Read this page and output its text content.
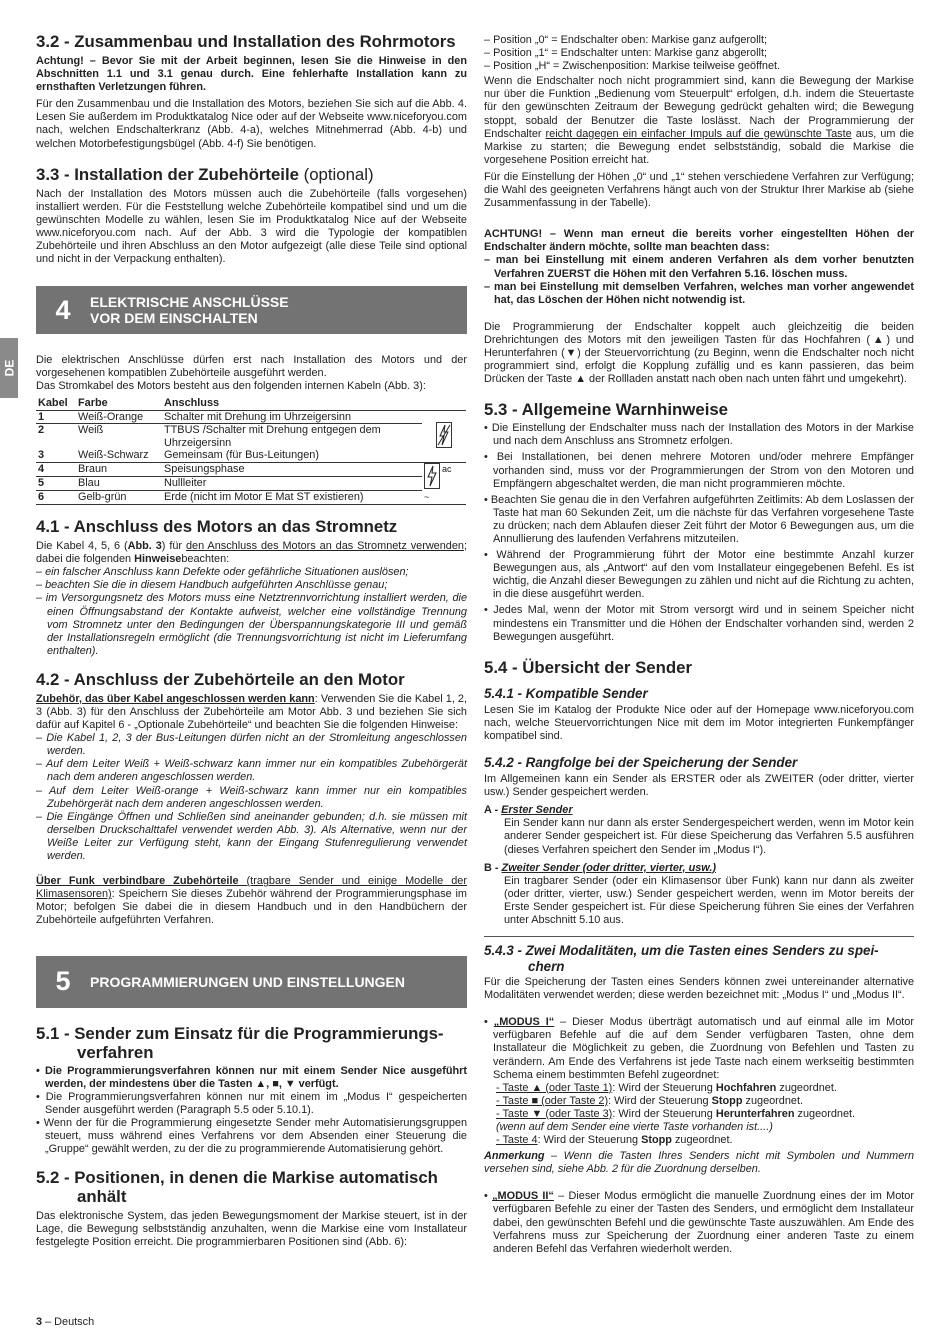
DE
3.2 - Zusammenbau und Installation des Rohrmotors

Achtung! – Bevor Sie mit der Arbeit beginnen, lesen Sie die Hinweise in den Abschnitten 1.1 und 3.1 genau durch. Eine fehlerhafte Installation kann zu ernsthaften Verletzungen führen.

Für den Zusammenbau und die Installation des Motors, beziehen Sie sich auf die Abb. 4. Lesen Sie außerdem im Produktkatalog Nice oder auf der Webseite www.niceforyou.com nach, welchen Endschalterkranz (Abb. 4-a), welches Mitnehmerrad (Abb. 4-b) und welchen Motorbefestigungsbügel (Abb. 4-f) Sie benötigen.

3.3 - Installation der Zubehörteile (optional)

Nach der Installation des Motors müssen auch die Zubehörteile (falls vorgesehen) installiert werden. Für die Feststellung welche Zubehörteile kompatibel sind und um die gewünschten Modelle zu wählen, lesen Sie im Produktkatalog Nice auf der Webseite www.niceforyou.com nach. Auf der Abb. 3 wird die Typologie der kompatiblen Zubehörteile und ihren Abschluss an den Motor aufgezeigt (alle diese Teile sind optional und nicht in der Verpackung enthalten).

4	ELEKTRISCHE ANSCHLÜSSE
VOR DEM EINSCHALTEN

Die elektrischen Anschlüsse dürfen erst nach Installation des Motors und der vorgesehenen kompatiblen Zubehörteile ausgeführt werden.

Das Stromkabel des Motors besteht aus den folgenden internen Kabeln (Abb. 3):

Kabel	Farbe	Anschluss	
1	Weiß-Orange	Schalter mit Drehung im Uhrzeigersinn	
2	Weiß	TTBUS /Schalter mit Drehung entgegen dem Uhrzeigersinn	
3	Weiß-Schwarz	Gemeinsam (für Bus-Leitungen)	
4	Braun	Speisungsphase	$^{ac \sim}$
5	Blau	Nullleiter	
6	Gelb-grün	Erde (nicht im Motor E Mat ST existieren)	
4.1 - Anschluss des Motors an das Stromnetz

Die Kabel 4, 5, 6 (Abb. 3) für den Anschluss des Motors an das Stromnetz verwenden; dabei die folgenden Hinweisebeachten:

– ein falscher Anschluss kann Defekte oder gefährliche Situationen auslösen;
– beachten Sie die in diesem Handbuch aufgeführten Anschlüsse genau;
– im Versorgungsnetz des Motors muss eine Netztrennvorrichtung installiert werden, die einen Öffnungsabstand der Kontakte aufweist, welcher eine vollständige Trennung vom Stromnetz unter den Bedingungen der Überspannungskategorie III und gemäß der Installationsregeln ermöglicht (die Trennungsvorrichtung ist nicht im Lieferumfang enthalten).
4.2 - Anschluss der Zubehörteile an den Motor

Zubehör, das über Kabel angeschlossen werden kann: Verwenden Sie die Kabel 1, 2, 3 (Abb. 3) für den Anschluss der Zubehörteile am Motor Abb. 3 und beziehen Sie sich dafür auf Kapitel 6 - „Optionale Zubehörteile“ und beachten Sie die folgenden Hinweise:

– Die Kabel 1, 2, 3 der Bus-Leitungen dürfen nicht an der Stromleitung angeschlossen werden.
– Auf dem Leiter Weiß + Weiß-schwarz kann immer nur ein kompatibles Zubehörgerät nach dem anderen angeschlossen werden.
– Auf dem Leiter Weiß-orange + Weiß-schwarz kann immer nur ein kompatibles Zubehörgerät nach dem anderen angeschlossen werden.
– Die Eingänge Öffnen und Schließen sind aneinander gebunden; d.h. sie müssen mit derselben Druckschalttafel verwendet werden Abb. 3). Als Alternative, wenn nur der Weiße Leiter zur Verfügung steht, kann der Eingang Stufenregulierung verwendet werden.

Über Funk verbindbare Zubehörteile (tragbare Sender und einige Modelle der Klimasensoren): Speichern Sie dieses Zubehör während der Programmierungsphase im Motor; befolgen Sie dabei die in diesem Handbuch und in den Handbüchern der Zubehörteile aufgeführten Verfahren.

5	PROGRAMMIERUNGEN UND EINSTELLUNGEN
5.1 - Sender zum Einsatz für die Programmierungs-
verfahren
• Die Programmierungsverfahren können nur mit einem Sender Nice ausgeführt werden, der mindestens über die Tasten ▲, ■, ▼ verfügt.
• Die Programmierungsverfahren können nur mit einem im „Modus I“ gespeicherten Sender ausgeführt werden (Paragraph 5.5 oder 5.10.1).
• Wenn der für die Programmierung eingesetzte Sender mehr Automatisierungsgruppen steuert, muss während eines Verfahrens vor dem Absenden einer Steuerung die „Gruppe“ gewählt werden, zu der die zu programmierende Automatisierung gehört.
5.2 - Positionen, in denen die Markise automatisch
anhält

Das elektronische System, das jeden Bewegungsmoment der Markise steuert, ist in der Lage, die Bewegung selbstständig anzuhalten, wenn die Markise eine vom Installateur festgelegte Position erreicht. Die programmierbaren Positionen sind (Abb. 6):

– Position „0“ = Endschalter oben: Markise ganz aufgerollt;

– Position „1“ = Endschalter unten: Markise ganz abgerollt;

– Position „H“ = Zwischenposition: Markise teilweise geöffnet.

Wenn die Endschalter noch nicht programmiert sind, kann die Bewegung der Markise nur über die Funktion „Bedienung vom Steuerpult“ erfolgen, d.h. indem die Steuertaste für den gewünschten Zeitraum der Bewegung gedrückt gehalten wird; die Bewegung stoppt, sobald der Benutzer die Taste loslässt. Nach der Programmierung der Endschalter reicht dagegen ein einfacher Impuls auf die gewünschte Taste aus, um die Markise zu starten; die Bewegung endet selbstständig, sobald die Markise die vorgesehene Position erreicht hat.

Für die Einstellung der Höhen „0“ und „1“ stehen verschiedene Verfahren zur Verfügung; die Wahl des geeigneten Verfahrens hängt auch von der Struktur Ihrer Markise ab (siehe Zusammenfassung in der Tabelle).

ACHTUNG! – Wenn man erneut die bereits vorher eingestellten Höhen der Endschalter ändern möchte, sollte man beachten dass:

– man bei Einstellung mit einem anderen Verfahren als dem vorher benutzten Verfahren ZUERST die Höhen mit den Verfahren 5.16. löschen muss.

– man bei Einstellung mit demselben Verfahren, welches man vorher angewendet hat, das Löschen der Höhen nicht notwendig ist.

Die Programmierung der Endschalter koppelt auch gleichzeitig die beiden Drehrichtungen des Motors mit den jeweiligen Tasten für das Hochfahren (▲) und Herunterfahren (▼) der Steuervorrichtung (zu Beginn, wenn die Endschalter noch nicht programmiert sind, erfolgt die Kopplung zufällig und es kann passieren, das beim Drücken der Taste ▲ der Rollladen anstatt nach oben nach unten fährt und umgekehrt).

5.3 - Allgemeine Warnhinweise
• Die Einstellung der Endschalter muss nach der Installation des Motors in der Markise und nach dem Anschluss ans Stromnetz erfolgen.
• Bei Installationen, bei denen mehrere Motoren und/oder mehrere Empfänger vorhanden sind, muss vor der Programmierungen der Strom von den Motoren und Empfängern abgeschaltet werden, die man nicht programmieren möchte.
• Beachten Sie genau die in den Verfahren aufgeführten Zeitlimits: Ab dem Loslassen der Taste hat man 60 Sekunden Zeit, um die nächste für das Verfahren vorgesehene Taste zu drücken; nach dem Ablaufen dieser Zeit führt der Motor 6 Bewegungen aus, um die Annullierung des laufenden Verfahrens mitzuteilen.
• Während der Programmierung führt der Motor eine bestimmte Anzahl kurzer Bewegungen aus, als „Antwort“ auf den vom Installateur eingegebenen Befehl. Es ist wichtig, die Anzahl dieser Bewegungen zu zählen und nicht auf die Richtung zu achten, in die diese ausgeführt werden.
• Jedes Mal, wenn der Motor mit Strom versorgt wird und in seinem Speicher nicht mindestens ein Transmitter und die Höhen der Endschalter vorhanden sind, werden 2 Bewegungen ausgeführt.
5.4 - Übersicht der Sender
5.4.1 - Kompatible Sender

Lesen Sie im Katalog der Produkte Nice oder auf der Homepage www.niceforyou.com nach, welche Steuervorrichtungen Nice mit dem im Motor integrierten Funkempfänger kompatibel sind.

5.4.2 - Rangfolge bei der Speicherung der Sender

Im Allgemeinen kann ein Sender als ERSTER oder als ZWEITER (oder dritter, vierter usw.) Sender gespeichert werden.

A - Erster Sender

Ein Sender kann nur dann als erster Sendergespeichert werden, wenn im Motor kein anderer Sender gespeichert ist. Für diese Speicherung das Verfahren 5.5 ausführen (dieses Verfahren speichert den Sender im „Modus I“).

B - Zweiter Sender (oder dritter, vierter, usw.)

Ein tragbarer Sender (oder ein Klimasensor über Funk) kann nur dann als zweiter (oder dritter, vierter, usw.) Sender gespeichert werden, wenn im Motor bereits der Erste Sender gespeichert ist. Für diese Speicherung führen Sie eines der Verfahren unter Abschnitt 5.10 aus.

5.4.3 - Zwei Modalitäten, um die Tasten eines Senders zu spei-
chern

Für die Speicherung der Tasten eines Senders können zwei untereinander alternative Modalitäten verwendet werden; diese werden bezeichnet mit: „Modus I“ und „Modus II“.

• „MODUS I“ – Dieser Modus überträgt automatisch und auf einmal alle im Motor verfügbaren Befehle auf die auf dem Sender verfügbaren Tasten, ohne dem Installateur die Möglichkeit zu geben, die Zuordnung von Befehlen und Tasten zu verändern. Am Ende des Verfahrens ist jede Taste nach einem werkseitig bestimmten Schema einem bestimmten Befehl zugeordnet:

- Taste ▲ (oder Taste 1): Wird der Steuerung Hochfahren zugeordnet.

- Taste ■ (oder Taste 2): Wird der Steuerung Stopp zugeordnet.

- Taste ▼ (oder Taste 3): Wird der Steuerung Herunterfahren zugeordnet.

(wenn auf dem Sender eine vierte Taste vorhanden ist....)

- Taste 4: Wird der Steuerung Stopp zugeordnet.

Anmerkung – Wenn die Tasten Ihres Senders nicht mit Symbolen und Nummern versehen sind, siehe Abb. 2 für die Zuordnung derselben.

• „MODUS II“ – Dieser Modus ermöglicht die manuelle Zuordnung eines der im Motor verfügbaren Befehle zu einer der Tasten des Senders, und ermöglicht dem Installateur dabei, den gewünschten Befehl und die gewünschte Taste auszuwählen. Am Ende des Verfahrens muss zur Speicherung der Zuordnung einer anderen Taste zu einem anderen Befehl das Verfahren wiederholt werden.

3 – Deutsch
